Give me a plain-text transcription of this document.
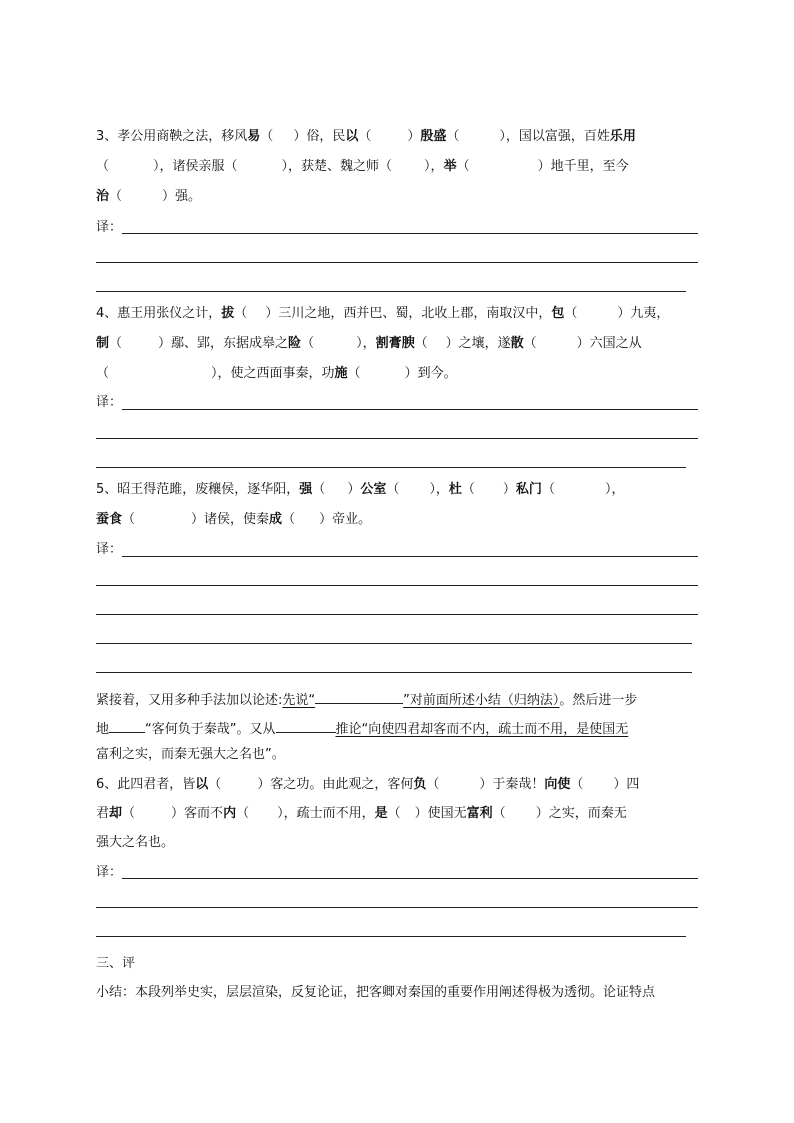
3、孝公用商鞅之法，移风易（ ）俗，民以（	）殷盛（	），国以富强，百姓乐用
（	），诸侯亲服（	），获楚、魏之师（ ），举（	）地千里，至今
治（	）强。
译：
4、惠王用张仪之计，拔（ ）三川之地，西并巴、蜀，北收上郡，南取汉中，包（	）九夷，
制（	）鄢、郢，东据成皋之险（	），割膏腴（ ）之壤，遂散（	）六国之从
（	），使之西面事秦，功施（	）到今。
译：
5、昭王得范雎，废穰侯，逐华阳，强（ ）公室（ ），杜（ ）私门（	），
蚕食（	）诸侯，使秦成（ ）帝业。
译：
紧接着，又用多种手法加以论述:先说“	”对前面所述小结（归纳法）。然后进一步
地	“客何负于秦哉”。又从	推论“向使四君却客而不内，疏士而不用，是使国无
富利之实，而秦无强大之名也”。
6、此四君者，皆以（	）客之功。由此观之，客何负（	）于秦哉！向使（ ）四
君却（	）客而不内（ ），疏士而不用，是（ ）使国无富利（ ）之实，而秦无
强大之名也。
译：
三、评
小结：本段列举史实，层层渲染，反复论证，把客卿对秦国的重要作用阐述得极为透彻。论证特点
